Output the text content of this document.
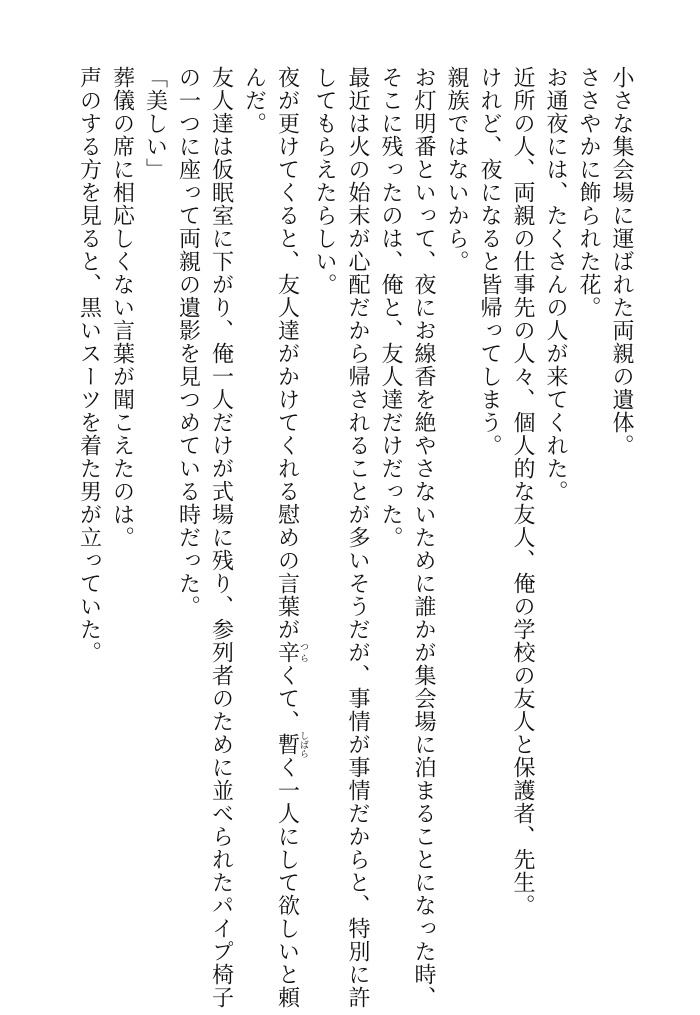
小さな集会場に運ばれた両親の遺体。
ささやかに飾られた花。
お通夜には、たくさんの人が来てくれた。
近所の人、両親の仕事先の人々、個人的な友人、俺の学校の友人と保護者、先生。
けれど、夜になると皆帰ってしまう。
親族ではないから。
お灯明番といって、夜にお線香を絶やさないために誰かが集会場に泊まることになった時、
そこに残ったのは、俺と、友人達だけだった。
最近は火の始末が心配だから帰されることが多いそうだが、事情が事情だからと、特別に許
してもらえたらしい。
夜が更けてくると、友人達がかけてくれる慰めの言葉が辛つらくて、暫しばらく一人にして欲しいと頼
んだ。
友人達は仮眠室に下がり、俺一人だけが式場に残り、参列者のために並べられたパイプ椅子
の一つに座って両親の遺影を見つめている時だった。
「美しい」
葬儀の席に相応しくない言葉が聞こえたのは。
声のする方を見ると、黒いスーツを着た男が立っていた。
